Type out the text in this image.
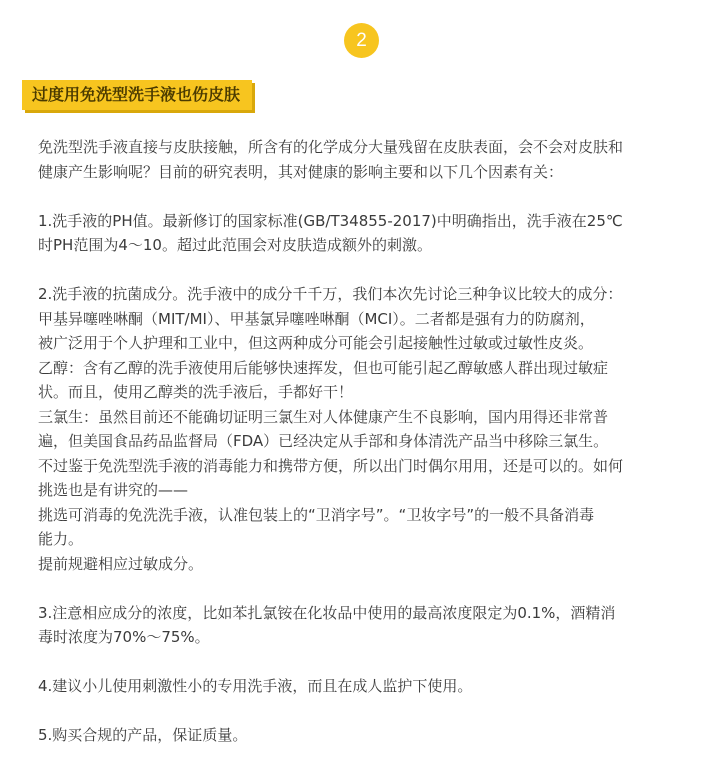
2
过度用免洗型洗手液也伤皮肤

免洗型洗手液直接与皮肤接触，所含有的化学成分大量残留在皮肤表面，会不会对皮肤和

健康产生影响呢？目前的研究表明，其对健康的影响主要和以下几个因素有关：

1.洗手液的PH值。最新修订的国家标准(GB/T34855-2017)中明确指出，洗手液在25℃

时PH范围为4～10。超过此范围会对皮肤造成额外的刺激。

2.洗手液的抗菌成分。洗手液中的成分千千万，我们本次先讨论三种争议比较大的成分：

甲基异噻唑啉酮（MIT/MI）、甲基氯异噻唑啉酮（MCI）。二者都是强有力的防腐剂，

被广泛用于个人护理和工业中，但这两种成分可能会引起接触性过敏或过敏性皮炎。

乙醇：含有乙醇的洗手液使用后能够快速挥发，但也可能引起乙醇敏感人群出现过敏症

状。而且，使用乙醇类的洗手液后，手都好干！

三氯生：虽然目前还不能确切证明三氯生对人体健康产生不良影响，国内用得还非常普

遍，但美国食品药品监督局（FDA）已经决定从手部和身体清洗产品当中移除三氯生。

不过鉴于免洗型洗手液的消毒能力和携带方便，所以出门时偶尔用用，还是可以的。如何

挑选也是有讲究的——

挑选可消毒的免洗洗手液，认准包装上的“卫消字号”。“卫妆字号”的一般不具备消毒

能力。

提前规避相应过敏成分。

3.注意相应成分的浓度，比如苯扎氯铵在化妆品中使用的最高浓度限定为0.1%，酒精消

毒时浓度为70%～75%。

4.建议小儿使用刺激性小的专用洗手液，而且在成人监护下使用。

5.购买合规的产品，保证质量。
